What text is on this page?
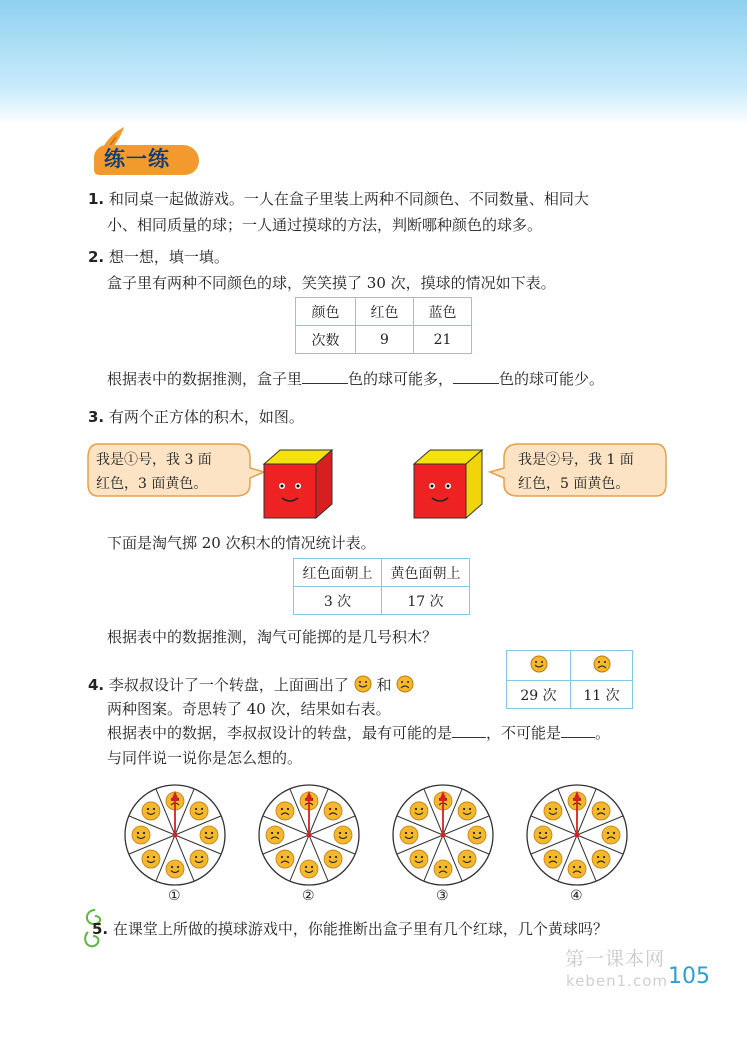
练一练
1. 和同桌一起做游戏。一人在盒子里装上两种不同颜色、不同数量、相同大
小、相同质量的球；一人通过摸球的方法，判断哪种颜色的球多。
2. 想一想，填一填。
盒子里有两种不同颜色的球，笑笑摸了 30 次，摸球的情况如下表。
颜色	红色	蓝色
次数	9	21
根据表中的数据推测，盒子里	色的球可能多，	色的球可能少。
3. 有两个正方体的积木，如图。
我是①号，我 3 面
红色，3 面黄色。
我是②号，我 1 面
红色，5 面黄色。
下面是淘气掷 20 次积木的情况统计表。
红色面朝上	黄色面朝上
3 次	17 次
根据表中的数据推测，淘气可能掷的是几号积木？
4. 李叔叔设计了一个转盘，上面画出了 和
两种图案。奇思转了 40 次，结果如右表。

29 次	11 次
根据表中的数据，李叔叔设计的转盘，最有可能的是 ，不可能是 。
与同伴说一说你是怎么想的。
①	②	③	④
5. 在课堂上所做的摸球游戏中，你能推断出盒子里有几个红球，几个黄球吗？
第一课本网
keben1.com 105
